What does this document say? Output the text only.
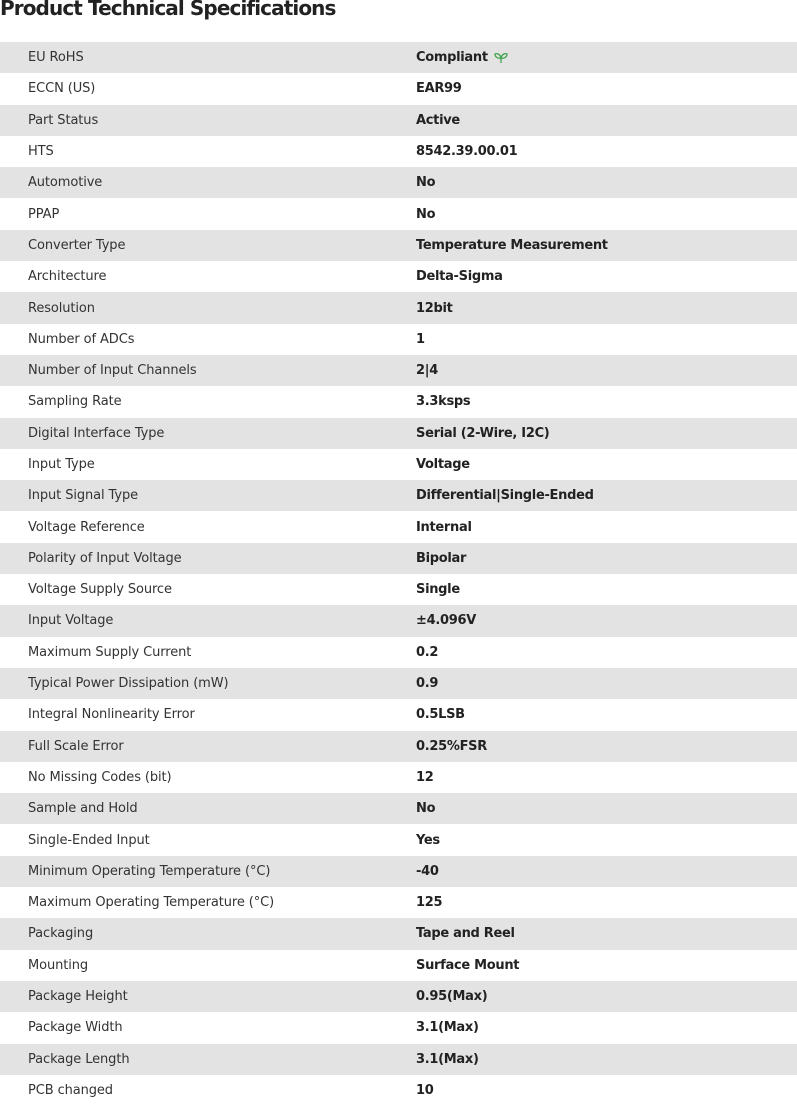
Product Technical Specifications
EU RoHS	Compliant
ECCN (US)	EAR99
Part Status	Active
HTS	8542.39.00.01
Automotive	No
PPAP	No
Converter Type	Temperature Measurement
Architecture	Delta-Sigma
Resolution	12bit
Number of ADCs	1
Number of Input Channels	2|4
Sampling Rate	3.3ksps
Digital Interface Type	Serial (2-Wire, I2C)
Input Type	Voltage
Input Signal Type	Differential|Single-Ended
Voltage Reference	Internal
Polarity of Input Voltage	Bipolar
Voltage Supply Source	Single
Input Voltage	±4.096V
Maximum Supply Current	0.2
Typical Power Dissipation (mW)	0.9
Integral Nonlinearity Error	0.5LSB
Full Scale Error	0.25%FSR
No Missing Codes (bit)	12
Sample and Hold	No
Single-Ended Input	Yes
Minimum Operating Temperature (°C)	-40
Maximum Operating Temperature (°C)	125
Packaging	Tape and Reel
Mounting	Surface Mount
Package Height	0.95(Max)
Package Width	3.1(Max)
Package Length	3.1(Max)
PCB changed	10
